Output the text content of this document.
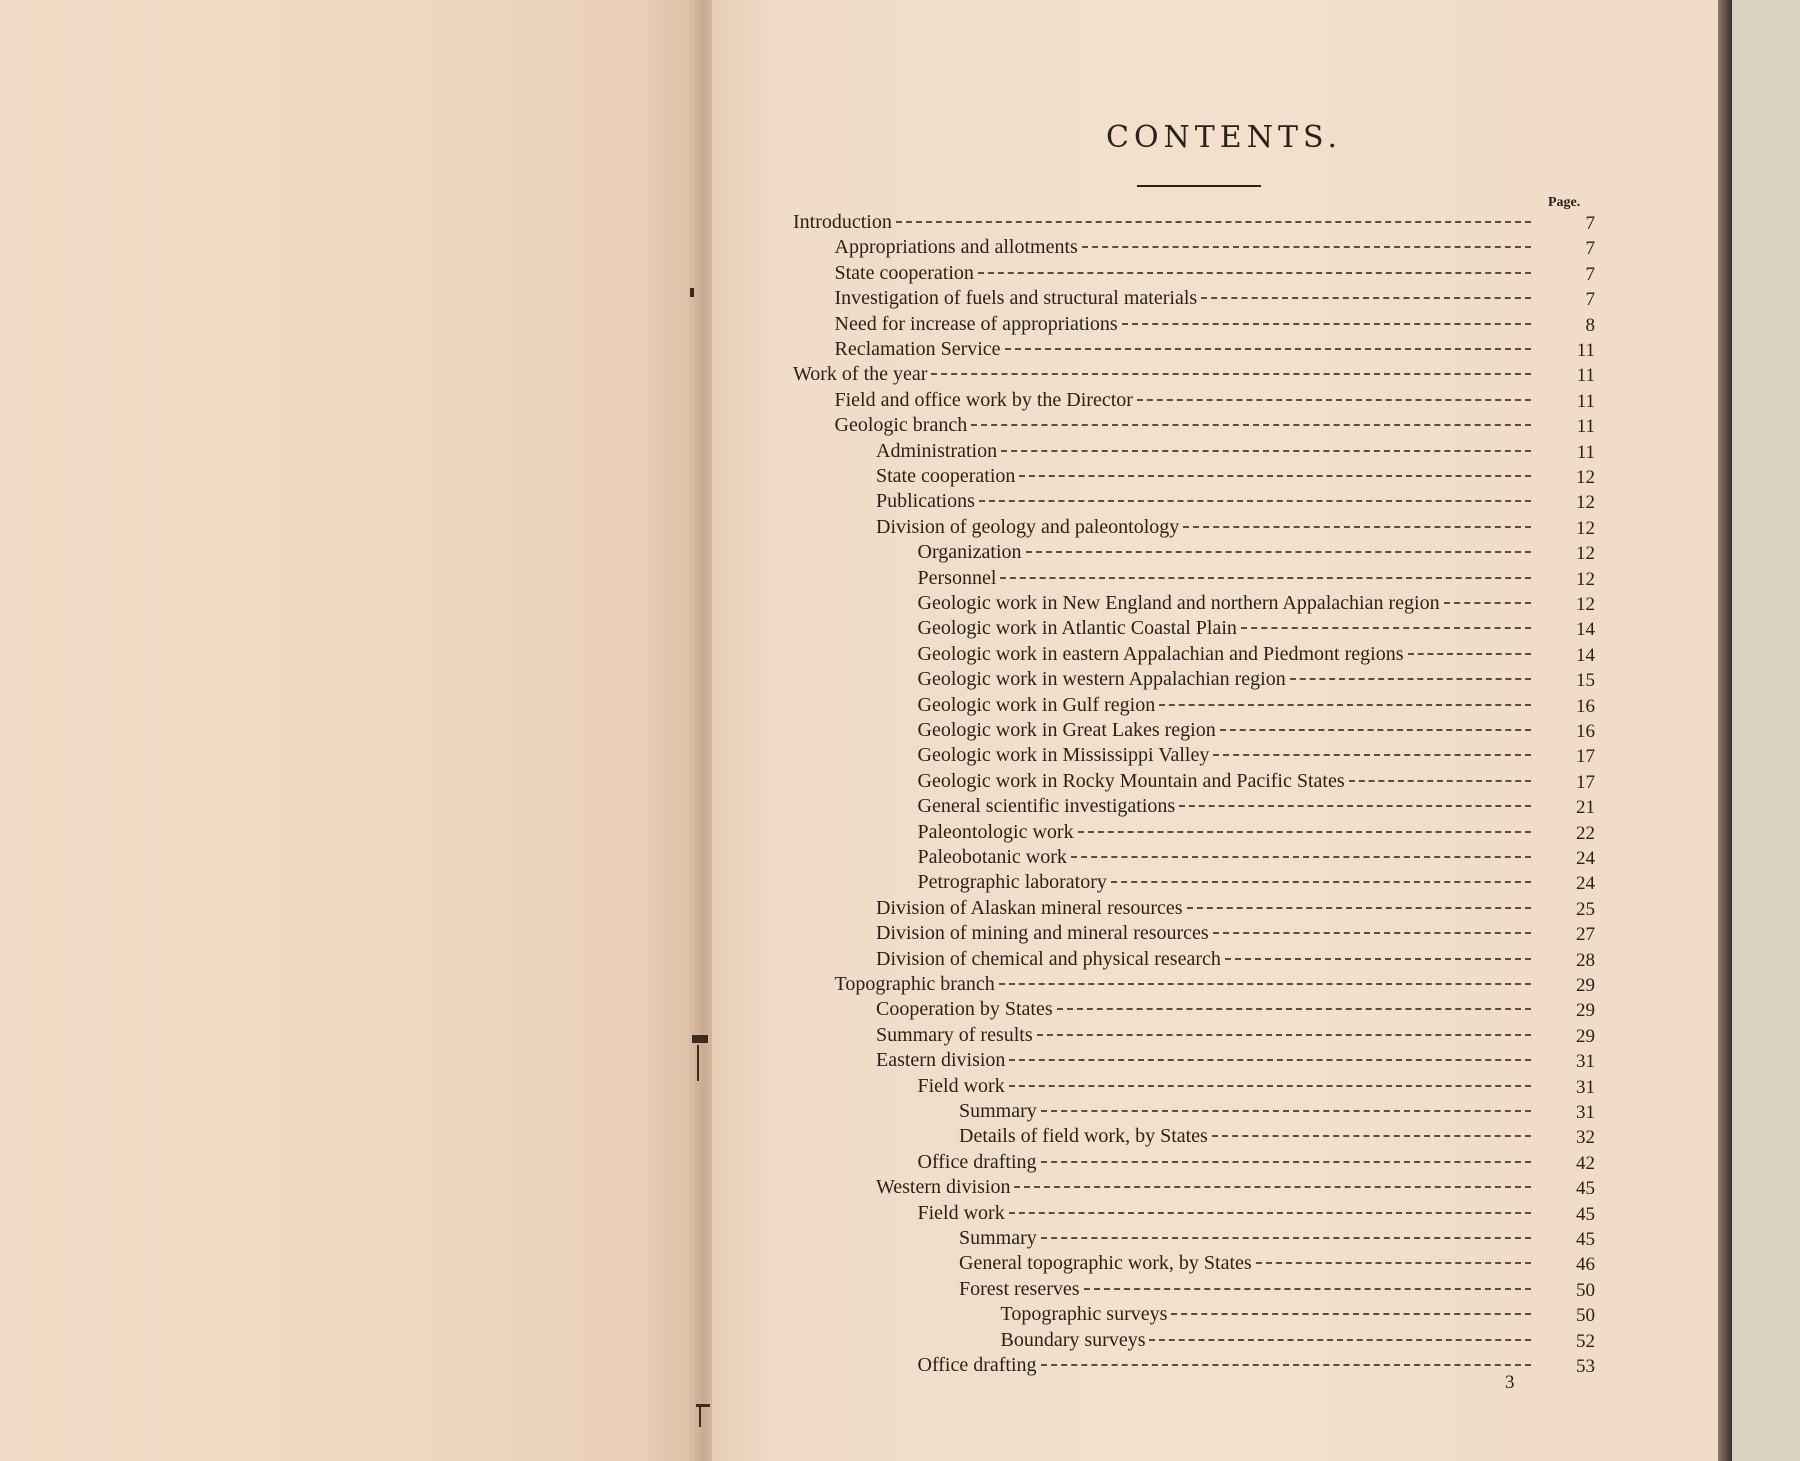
CONTENTS.
Page.
Introduction	7
Appropriations and allotments	7
State cooperation	7
Investigation of fuels and structural materials	7
Need for increase of appropriations	8
Reclamation Service	11
Work of the year	11
Field and office work by the Director	11
Geologic branch	11
Administration	11
State cooperation	12
Publications	12
Division of geology and paleontology	12
Organization	12
Personnel	12
Geologic work in New England and northern Appalachian region	12
Geologic work in Atlantic Coastal Plain	14
Geologic work in eastern Appalachian and Piedmont regions	14
Geologic work in western Appalachian region	15
Geologic work in Gulf region	16
Geologic work in Great Lakes region	16
Geologic work in Mississippi Valley	17
Geologic work in Rocky Mountain and Pacific States	17
General scientific investigations	21
Paleontologic work	22
Paleobotanic work	24
Petrographic laboratory	24
Division of Alaskan mineral resources	25
Division of mining and mineral resources	27
Division of chemical and physical research	28
Topographic branch	29
Cooperation by States	29
Summary of results	29
Eastern division	31
Field work	31
Summary	31
Details of field work, by States	32
Office drafting	42
Western division	45
Field work	45
Summary	45
General topographic work, by States	46
Forest reserves	50
Topographic surveys	50
Boundary surveys	52
Office drafting	53
3
